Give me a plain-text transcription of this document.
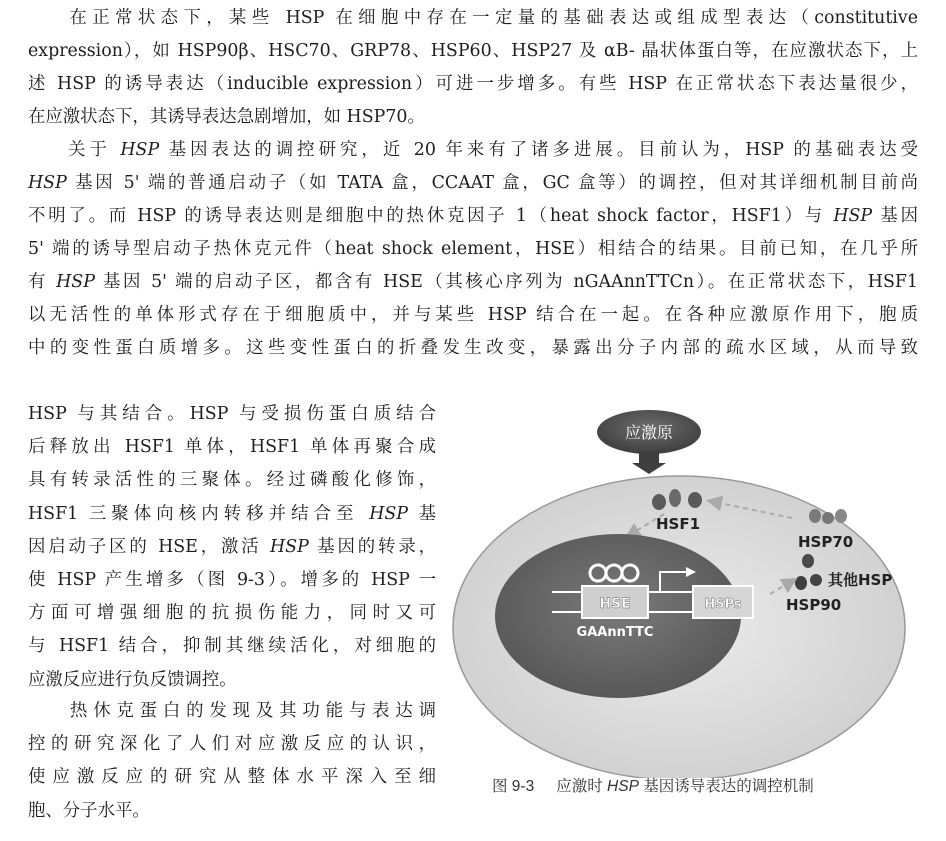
在正常状态下，某些 HSP 在细胞中存在一定量的基础表达或组成型表达（constitutive
expression），如 HSP90β、HSC70、GRP78、HSP60、HSP27 及 αB- 晶状体蛋白等，在应激状态下，上
述 HSP 的诱导表达（inducible expression）可进一步增多。有些 HSP 在正常状态下表达量很少，
在应激状态下，其诱导表达急剧增加，如 HSP70。
关于 HSP 基因表达的调控研究，近 20 年来有了诸多进展。目前认为，HSP 的基础表达受
HSP 基因 5' 端的普通启动子（如 TATA 盒，CCAAT 盒，GC 盒等）的调控，但对其详细机制目前尚
不明了。而 HSP 的诱导表达则是细胞中的热休克因子 1（heat shock factor，HSF1）与 HSP 基因
5' 端的诱导型启动子热休克元件（heat shock element，HSE）相结合的结果。目前已知，在几乎所
有 HSP 基因 5' 端的启动子区，都含有 HSE（其核心序列为 nGAAnnTTCn）。在正常状态下，HSF1
以无活性的单体形式存在于细胞质中，并与某些 HSP 结合在一起。在各种应激原作用下，胞质
中的变性蛋白质增多。这些变性蛋白的折叠发生改变，暴露出分子内部的疏水区域，从而导致
HSP 与其结合。HSP 与受损伤蛋白质结合
后释放出 HSF1 单体，HSF1 单体再聚合成
具有转录活性的三聚体。经过磷酸化修饰，
HSF1 三聚体向核内转移并结合至 HSP 基
因启动子区的 HSE，激活 HSP 基因的转录，
使 HSP 产生增多（图 9-3）。增多的 HSP 一
方面可增强细胞的抗损伤能力，同时又可
与 HSF1 结合，抑制其继续活化，对细胞的
应激反应进行负反馈调控。
热休克蛋白的发现及其功能与表达调
控的研究深化了人们对应激反应的认识，
使应激反应的研究从整体水平深入至细
胞、分子水平。
应激原
HSF1
HSP70
其他HSP
HSP90
HSE	HSPs
GAAnnTTC
图 9-3 应激时 HSP 基因诱导表达的调控机制
